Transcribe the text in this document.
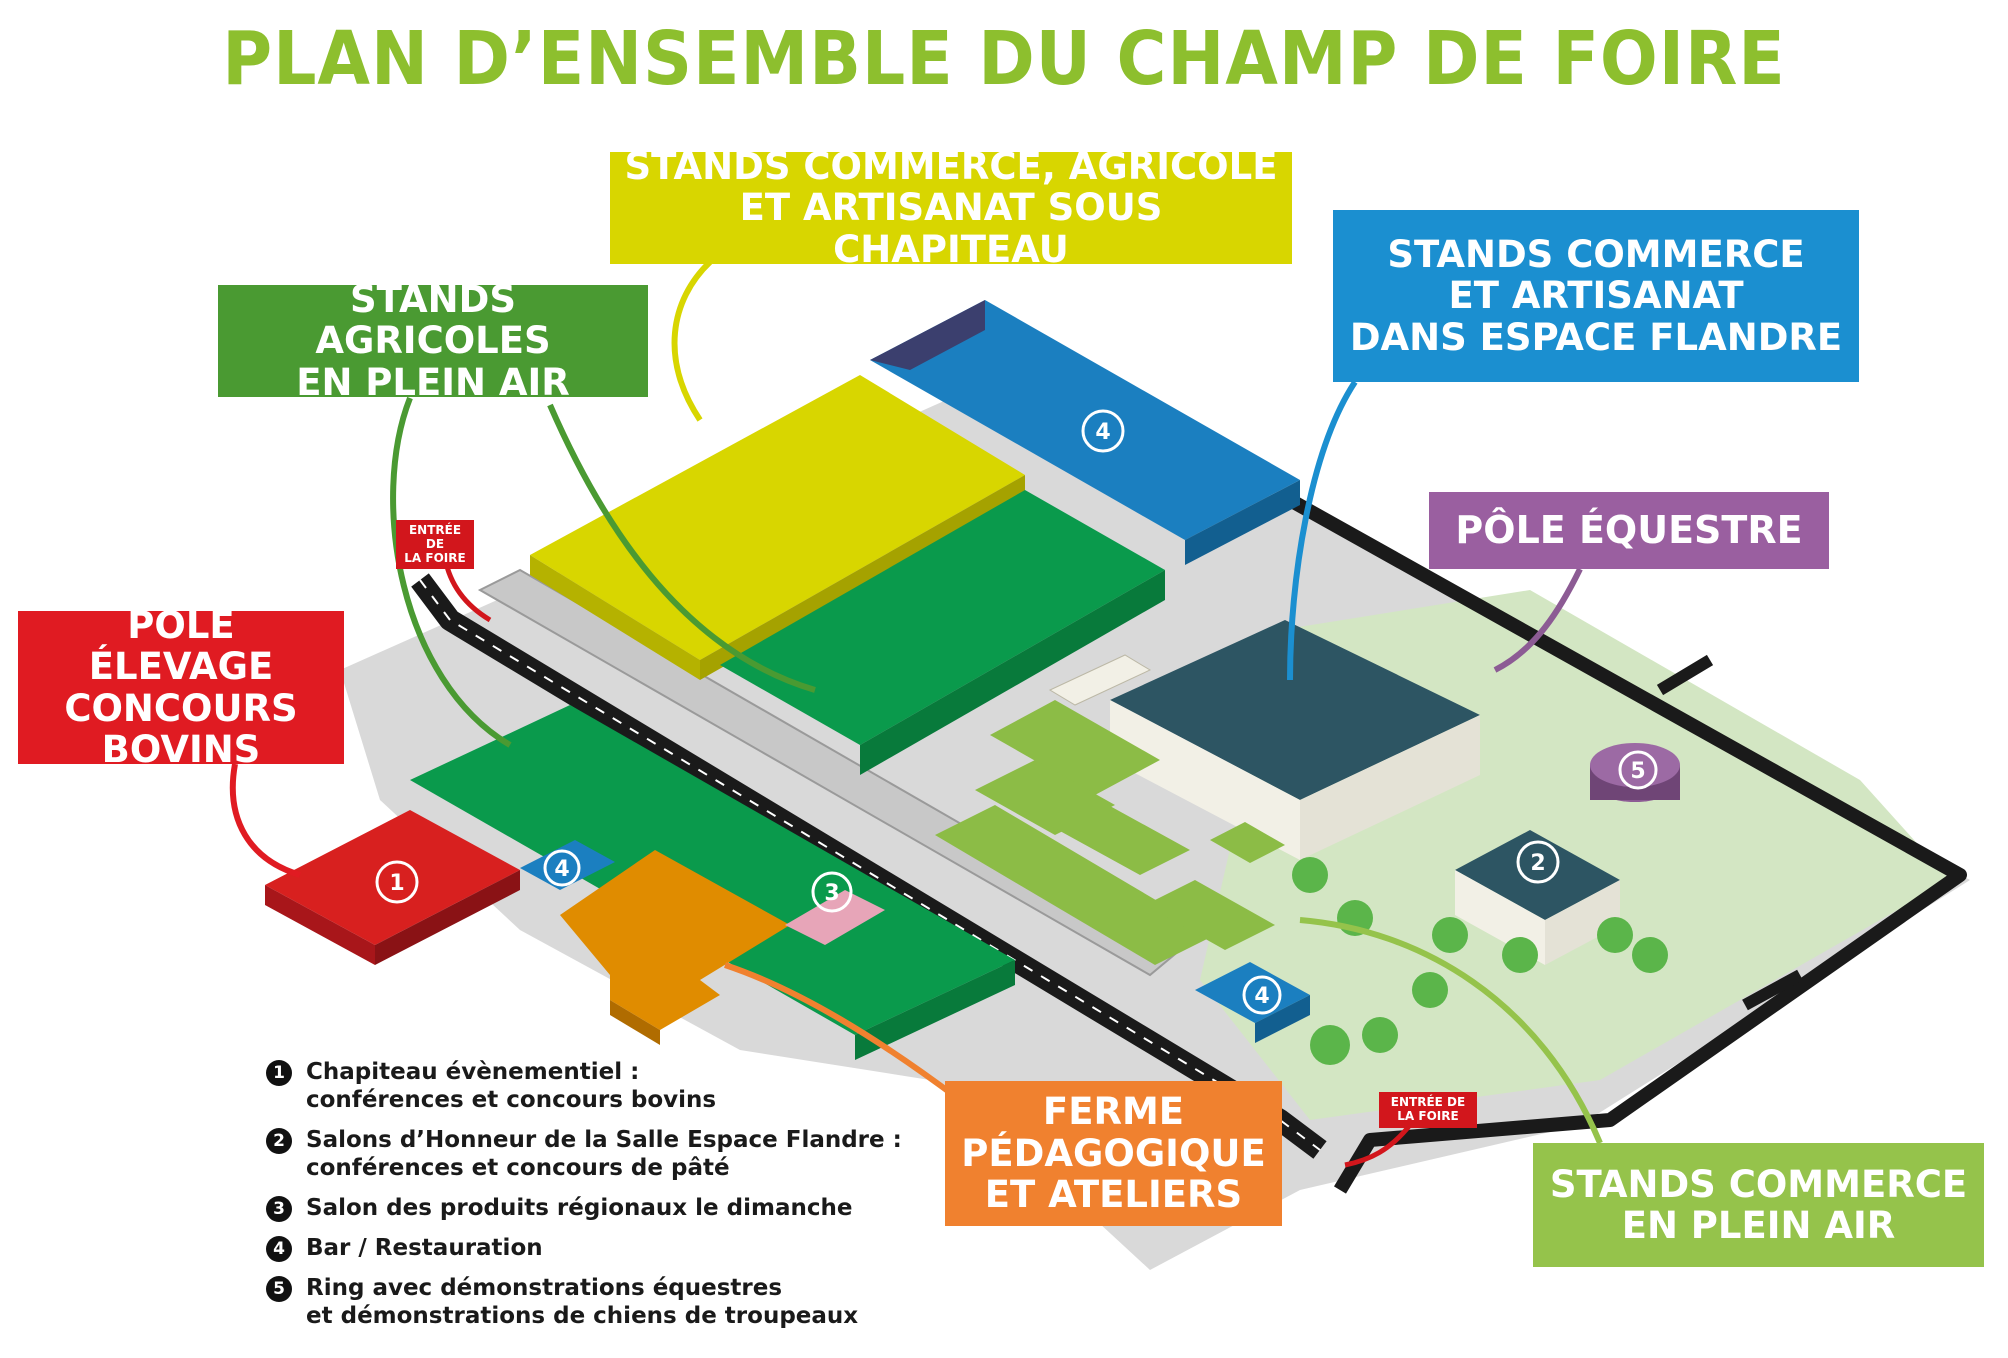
1
2
3
4
4
4
5
PLAN D’ENSEMBLE DU CHAMP DE FOIRE
STANDS COMMERCE, AGRICOLE
ET ARTISANAT SOUS CHAPITEAU
STANDS AGRICOLES
EN PLEIN AIR
STANDS COMMERCE
ET ARTISANAT
DANS ESPACE FLANDRE
PÔLE ÉQUESTRE
PÔLE ÉLEVAGE
CONCOURS
BOVINS
FERME
PÉDAGOGIQUE
ET ATELIERS	STANDS COMMERCE
EN PLEIN AIR
ENTRÉE DE
LA FOIRE
ENTRÉE DE
LA FOIRE
1 Chapiteau évènementiel :
conférences et concours bovins
2 Salons d’Honneur de la Salle Espace Flandre :
conférences et concours de pâté
3 Salon des produits régionaux le dimanche
4 Bar / Restauration
5 Ring avec démonstrations équestres
et démonstrations de chiens de troupeaux
